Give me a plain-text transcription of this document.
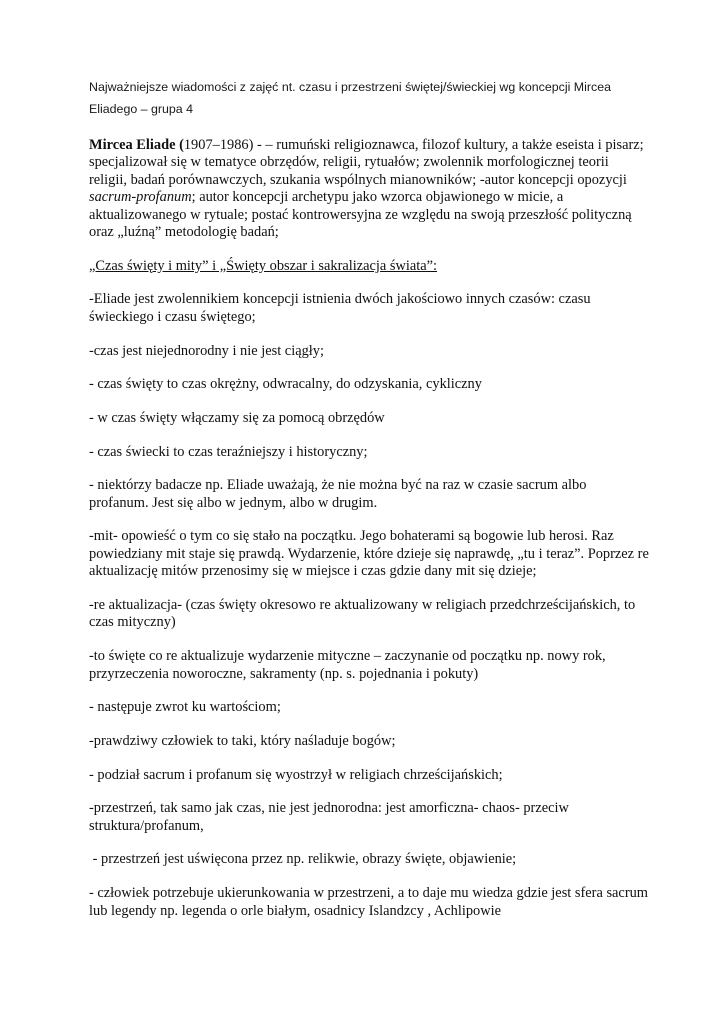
Najważniejsze wiadomości z zajęć nt. czasu i przestrzeni świętej/świeckiej wg koncepcji Mircea Eliadego – grupa 4

Mircea Eliade (1907–1986) - – rumuński religioznawca, filozof kultury, a także eseista i pisarz; specjalizował się w tematyce obrzędów, religii, rytuałów; zwolennik morfologicznej teorii religii, badań porównawczych, szukania wspólnych mianowników; -autor koncepcji opozycji sacrum-profanum; autor koncepcji archetypu jako wzorca objawionego w micie, a aktualizowanego w rytuale; postać kontrowersyjna ze względu na swoją przeszłość polityczną oraz „luźną” metodologię badań;

„Czas święty i mity” i „Święty obszar i sakralizacja świata”:

-Eliade jest zwolennikiem koncepcji istnienia dwóch jakościowo innych czasów: czasu świeckiego i czasu świętego;

-czas jest niejednorodny i nie jest ciągły;

- czas święty to czas okrężny, odwracalny, do odzyskania, cykliczny

- w czas święty włączamy się za pomocą obrzędów

- czas świecki to czas teraźniejszy i historyczny;

- niektórzy badacze np. Eliade uważają, że nie można być na raz w czasie sacrum albo profanum. Jest się albo w jednym, albo w drugim.

-mit- opowieść o tym co się stało na początku. Jego bohaterami są bogowie lub herosi. Raz powiedziany mit staje się prawdą. Wydarzenie, które dzieje się naprawdę, „tu i teraz”. Poprzez re aktualizację mitów przenosimy się w miejsce i czas gdzie dany mit się dzieje;

-re aktualizacja- (czas święty okresowo re aktualizowany w religiach przedchrześcijańskich, to czas mityczny)

-to święte co re aktualizuje wydarzenie mityczne – zaczynanie od początku np. nowy rok, przyrzeczenia noworoczne, sakramenty (np. s. pojednania i pokuty)

- następuje zwrot ku wartościom;

-prawdziwy człowiek to taki, który naśladuje bogów;

- podział sacrum i profanum się wyostrzył w religiach chrześcijańskich;

-przestrzeń, tak samo jak czas, nie jest jednorodna: jest amorficzna- chaos- przeciw struktura/profanum,

- przestrzeń jest uświęcona przez np. relikwie, obrazy święte, objawienie;

- człowiek potrzebuje ukierunkowania w przestrzeni, a to daje mu wiedza gdzie jest sfera sacrum lub legendy np. legenda o orle białym, osadnicy Islandzcy , Achlipowie
